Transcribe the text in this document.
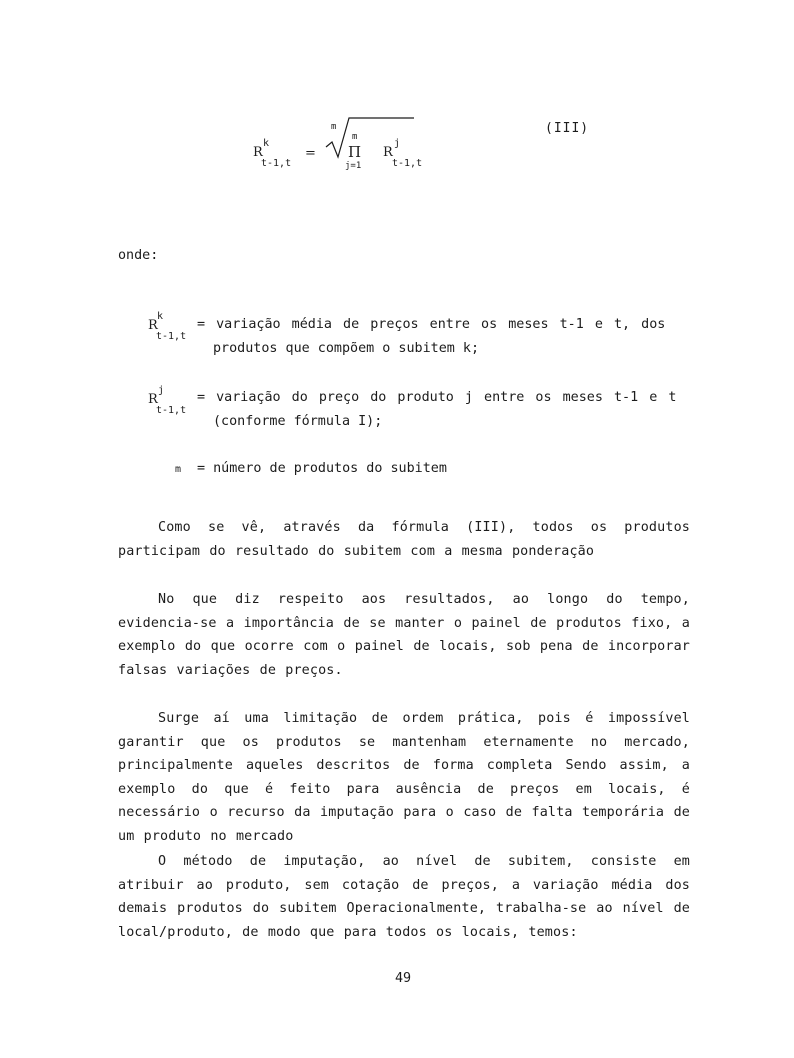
R
k
t-1,t
=
m
m
Π
j=1
R
j
t-1,t
(III)
onde:
R
k
t-1,t
= variação média de preços entre os meses t-1 e t, dos
produtos que compõem o subitem k;
R
j
t-1,t
= variação do preço do produto j entre os meses t-1 e t
(conforme fórmula I);
m = número de produtos do subitem

Como se vê, através da fórmula (III), todos os produtos participam do resultado do subitem com a mesma ponderação

No que diz respeito aos resultados, ao longo do tempo, evidencia-se a importância de se manter o painel de produtos fixo, a exemplo do que ocorre com o painel de locais, sob pena de incorporar falsas variações de preços.

Surge aí uma limitação de ordem prática, pois é impossível garantir que os produtos se mantenham eternamente no mercado, principalmente aqueles descritos de forma completa Sendo assim, a exemplo do que é feito para ausência de preços em locais, é necessário o recurso da imputação para o caso de falta temporária de um produto no mercado

O método de imputação, ao nível de subitem, consiste em atribuir ao produto, sem cotação de preços, a variação média dos demais produtos do subitem Operacionalmente, trabalha-se ao nível de local/produto, de modo que para todos os locais, temos:

49
